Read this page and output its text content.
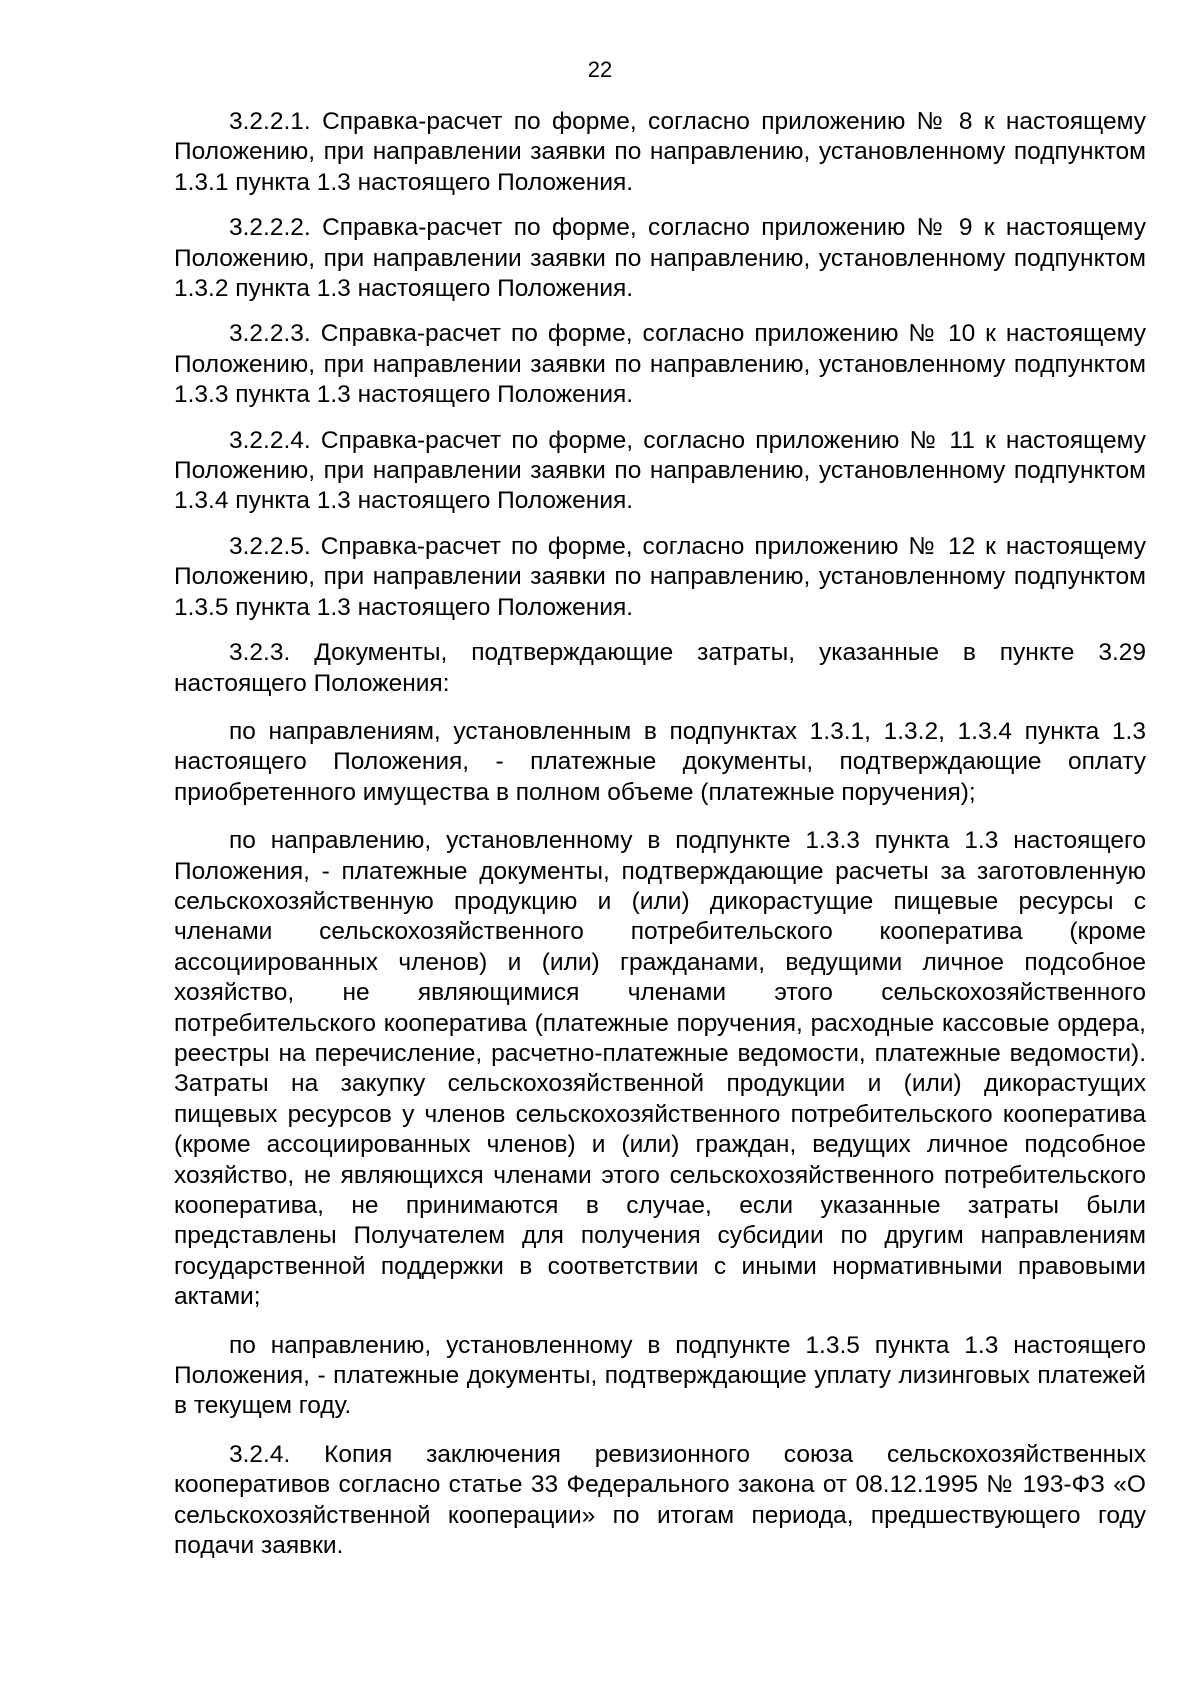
22

3.2.2.1. Справка-расчет по форме, согласно приложению № 8 к настоящему Положению, при направлении заявки по направлению, установленному подпунктом 1.3.1 пункта 1.3 настоящего Положения.

3.2.2.2. Справка-расчет по форме, согласно приложению № 9 к настоящему Положению, при направлении заявки по направлению, установленному подпунктом 1.3.2 пункта 1.3 настоящего Положения.

3.2.2.3. Справка-расчет по форме, согласно приложению № 10 к настоящему Положению, при направлении заявки по направлению, установленному подпунктом 1.3.3 пункта 1.3 настоящего Положения.

3.2.2.4. Справка-расчет по форме, согласно приложению № 11 к настоящему Положению, при направлении заявки по направлению, установленному подпунктом 1.3.4 пункта 1.3 настоящего Положения.

3.2.2.5. Справка-расчет по форме, согласно приложению № 12 к настоящему Положению, при направлении заявки по направлению, установленному подпунктом 1.3.5 пункта 1.3 настоящего Положения.

3.2.3. Документы, подтверждающие затраты, указанные в пункте 3.29 настоящего Положения:

по направлениям, установленным в подпунктах 1.3.1, 1.3.2, 1.3.4 пункта 1.3 настоящего Положения, - платежные документы, подтверждающие оплату приобретенного имущества в полном объеме (платежные поручения);

по направлению, установленному в подпункте 1.3.3 пункта 1.3 настоящего Положения, - платежные документы, подтверждающие расчеты за заготовленную сельскохозяйственную продукцию и (или) дикорастущие пищевые ресурсы с членами сельскохозяйственного потребительского кооператива (кроме ассоциированных членов) и (или) гражданами, ведущими личное подсобное хозяйство, не являющимися членами этого сельскохозяйственного потребительского кооператива (платежные поручения, расходные кассовые ордера, реестры на перечисление, расчетно-платежные ведомости, платежные ведомости). Затраты на закупку сельскохозяйственной продукции и (или) дикорастущих пищевых ресурсов у членов сельскохозяйственного потребительского кооператива (кроме ассоциированных членов) и (или) граждан, ведущих личное подсобное хозяйство, не являющихся членами этого сельскохозяйственного потребительского кооператива, не принимаются в случае, если указанные затраты были представлены Получателем для получения субсидии по другим направлениям государственной поддержки в соответствии с иными нормативными правовыми актами;

по направлению, установленному в подпункте 1.3.5 пункта 1.3 настоящего Положения, - платежные документы, подтверждающие уплату лизинговых платежей в текущем году.

3.2.4. Копия заключения ревизионного союза сельскохозяйственных кооперативов согласно статье 33 Федерального закона от 08.12.1995 № 193-ФЗ «О сельскохозяйственной кооперации» по итогам периода, предшествующего году подачи заявки.
